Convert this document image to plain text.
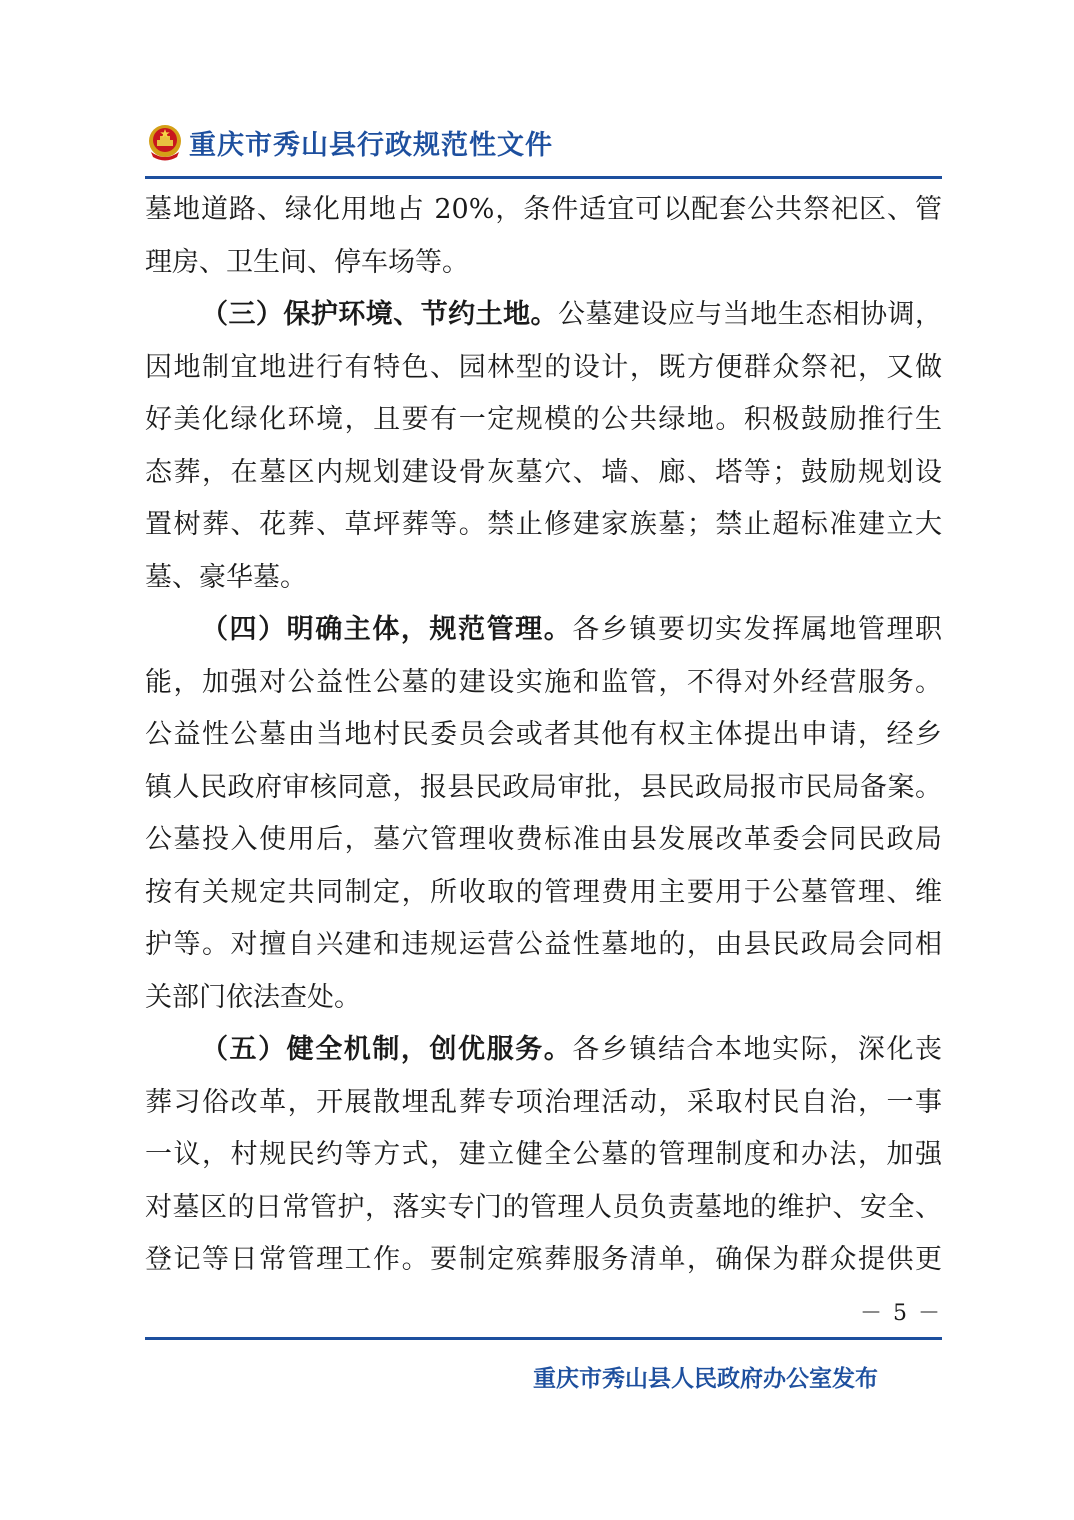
重庆市秀山县行政规范性文件
墓地道路、绿化用地占 20%，条件适宜可以配套公共祭祀区、管
理房、卫生间、停车场等。
（三）保护环境、节约土地。公墓建设应与当地生态相协调，
因地制宜地进行有特色、园林型的设计，既方便群众祭祀，又做
好美化绿化环境，且要有一定规模的公共绿地。积极鼓励推行生
态葬，在墓区内规划建设骨灰墓穴、墙、廊、塔等；鼓励规划设
置树葬、花葬、草坪葬等。禁止修建家族墓；禁止超标准建立大
墓、豪华墓。
（四）明确主体，规范管理。各乡镇要切实发挥属地管理职
能，加强对公益性公墓的建设实施和监管，不得对外经营服务。
公益性公墓由当地村民委员会或者其他有权主体提出申请，经乡
镇人民政府审核同意，报县民政局审批，县民政局报市民局备案。
公墓投入使用后，墓穴管理收费标准由县发展改革委会同民政局
按有关规定共同制定，所收取的管理费用主要用于公墓管理、维
护等。对擅自兴建和违规运营公益性墓地的，由县民政局会同相
关部门依法查处。
（五）健全机制，创优服务。各乡镇结合本地实际，深化丧
葬习俗改革，开展散埋乱葬专项治理活动，采取村民自治，一事
一议，村规民约等方式，建立健全公墓的管理制度和办法，加强
对墓区的日常管护，落实专门的管理人员负责墓地的维护、安全、
登记等日常管理工作。要制定殡葬服务清单，确保为群众提供更
－ 5 －
重庆市秀山县人民政府办公室发布
